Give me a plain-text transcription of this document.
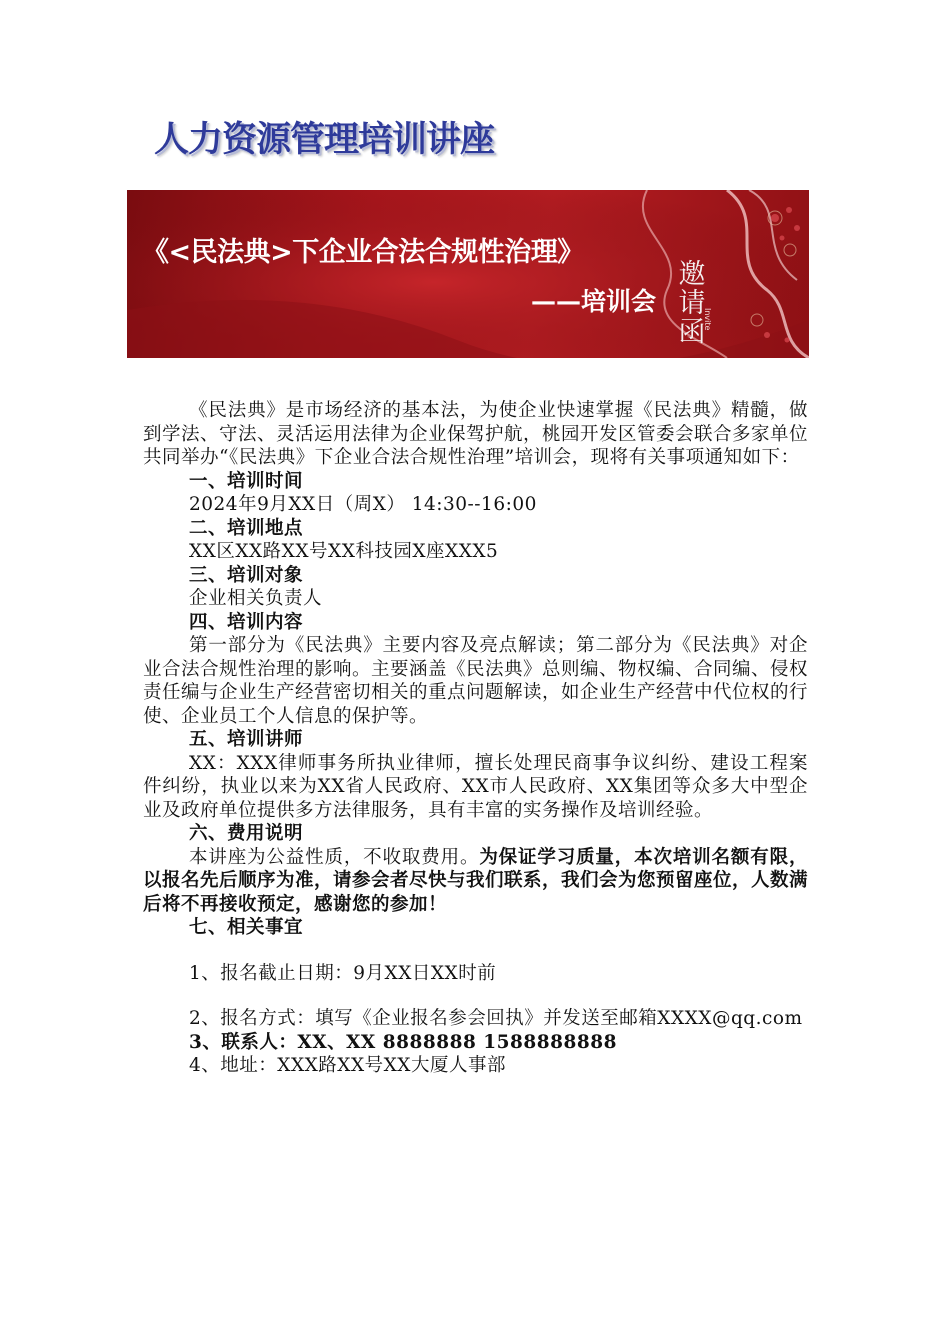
人力资源管理培训讲座
《<民法典>下企业合法合规性治理》
——培训会
邀
请
函
Invite

《民法典》是市场经济的基本法，为使企业快速掌握《民法典》精髓，做到学法、守法、灵活运用法律为企业保驾护航，桃园开发区管委会联合多家单位共同举办“《民法典》下企业合法合规性治理”培训会，现将有关事项通知如下：

一、培训时间

2024年9月XX日（周X） 14:30--16:00

二、培训地点

XX区XX路XX号XX科技园X座XXX5

三、培训对象

企业相关负责人

四、培训内容

第一部分为《民法典》主要内容及亮点解读；第二部分为《民法典》对企业合法合规性治理的影响。主要涵盖《民法典》总则编、物权编、合同编、侵权责任编与企业生产经营密切相关的重点问题解读，如企业生产经营中代位权的行使、企业员工个人信息的保护等。

五、培训讲师

XX：XXX律师事务所执业律师，擅长处理民商事争议纠纷、建设工程案件纠纷，执业以来为XX省人民政府、XX市人民政府、XX集团等众多大中型企业及政府单位提供多方法律服务，具有丰富的实务操作及培训经验。

六、费用说明

本讲座为公益性质，不收取费用。为保证学习质量，本次培训名额有限，以报名先后顺序为准，请参会者尽快与我们联系，我们会为您预留座位，人数满后将不再接收预定，感谢您的参加！

七、相关事宜

1、报名截止日期：9月XX日XX时前

2、报名方式：填写《企业报名参会回执》并发送至邮箱XXXX@qq.com

3、联系人：XX、XX 8888888 1588888888

4、地址：XXX路XX号XX大厦人事部
